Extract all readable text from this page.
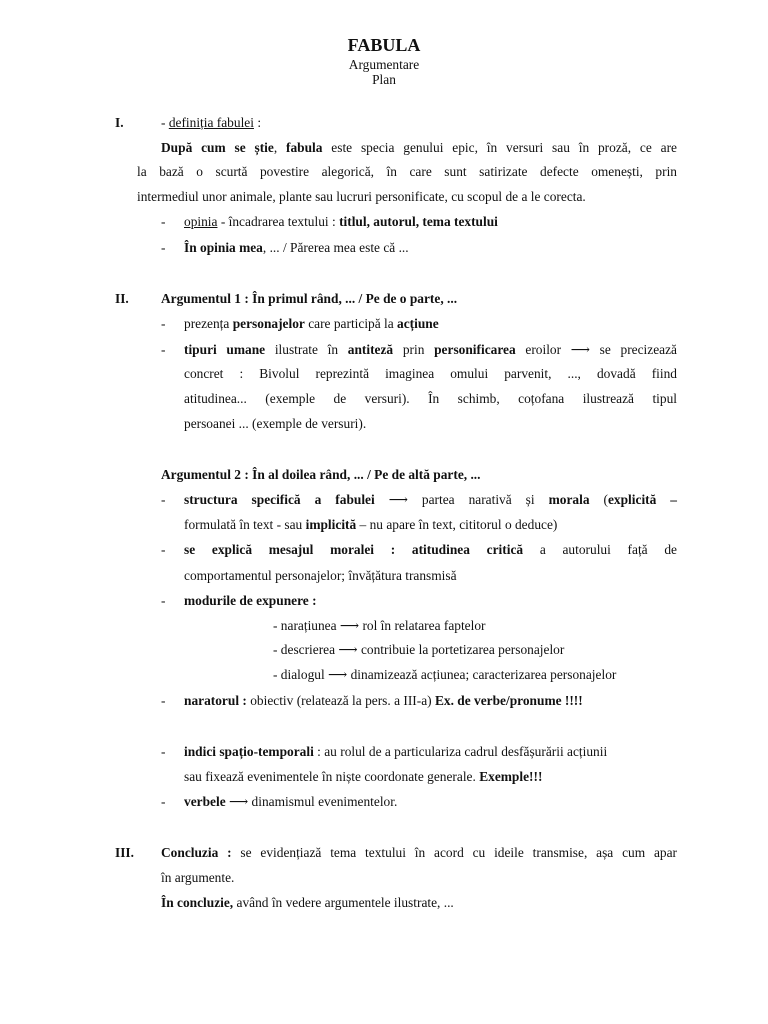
FABULA
Argumentare
Plan
I.	- definiția fabulei :
După cum se știe, fabula este specia genului epic, în versuri sau în proză, ce are
la bază o scurtă povestire alegorică, în care sunt satirizate defecte omenești, prin
intermediul unor animale, plante sau lucruri personificate, cu scopul de a le corecta.
- opinia - încadrarea textului : titlul, autorul, tema textului
- În opinia mea, ... / Părerea mea este că ...
II. Argumentul 1 : În primul rând, ... / Pe de o parte, ...
- prezența personajelor care participă la acțiune
- tipuri umane ilustrate în antiteză prin personificarea eroilor ⟶ se precizează
concret : Bivolul reprezintă imaginea omului parvenit, ..., dovadă fiind
atitudinea... (exemple de versuri). În schimb, coțofana ilustrează tipul
persoanei ... (exemple de versuri).
Argumentul 2 : În al doilea rând, ... / Pe de altă parte, ...
- structura specifică a fabulei ⟶ partea narativă și morala (explicită –
formulată în text - sau implicită – nu apare în text, cititorul o deduce)
- se explică mesajul moralei : atitudinea critică a autorului față de
comportamentul personajelor; învățătura transmisă
- modurile de expunere :
- narațiunea ⟶ rol în relatarea faptelor
- descrierea ⟶ contribuie la portetizarea personajelor
- dialogul ⟶ dinamizează acțiunea; caracterizarea personajelor
- naratorul : obiectiv (relatează la pers. a III-a) Ex. de verbe/pronume !!!!
- indici spațio-temporali : au rolul de a particulariza cadrul desfășurării acțiunii
sau fixează evenimentele în niște coordonate generale. Exemple!!!
- verbele ⟶ dinamismul evenimentelor.
III. Concluzia : se evidențiază tema textului în acord cu ideile transmise, așa cum apar
în argumente.
În concluzie, având în vedere argumentele ilustrate, ...
